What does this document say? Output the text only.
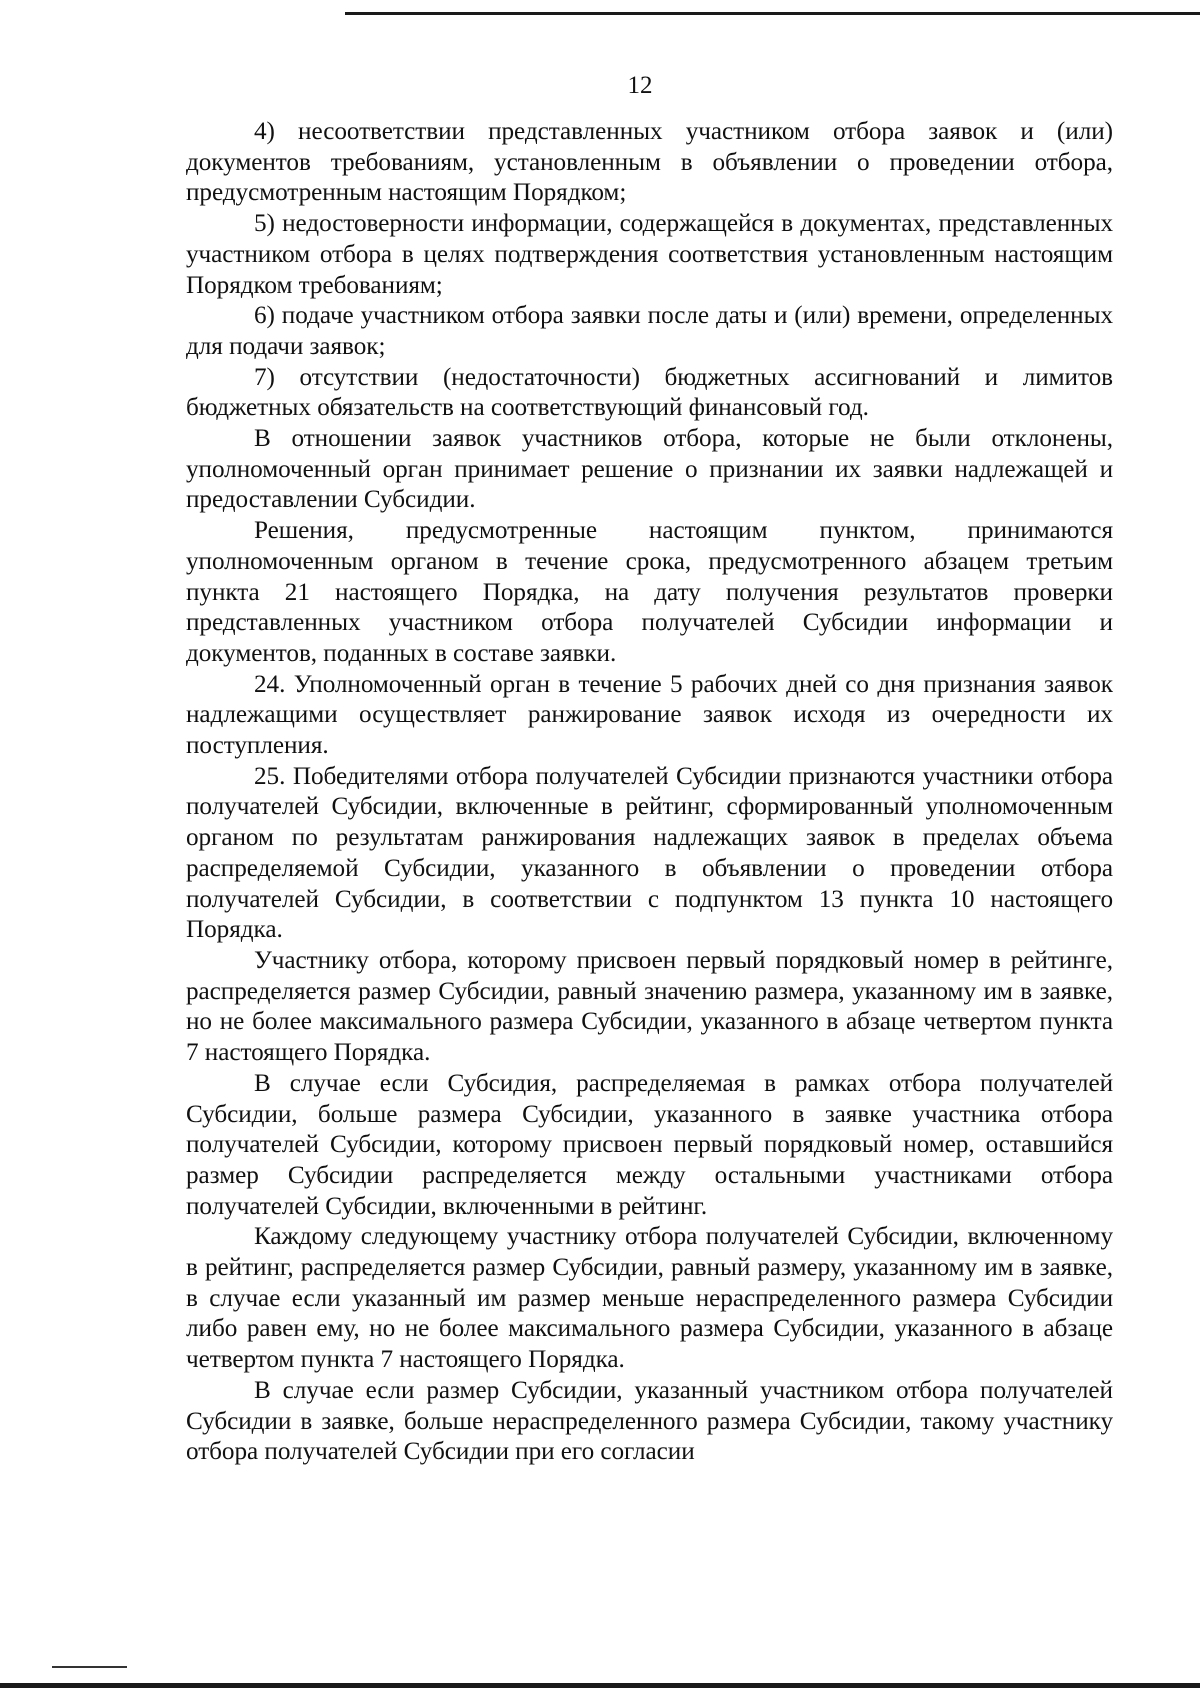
12

4) несоответствии представленных участником отбора заявок и (или) документов требованиям, установленным в объявлении о проведении отбора, предусмотренным настоящим Порядком;

5) недостоверности информации, содержащейся в документах, представленных участником отбора в целях подтверждения соответствия установленным настоящим Порядком требованиям;

6) подаче участником отбора заявки после даты и (или) времени, определенных для подачи заявок;

7) отсутствии (недостаточности) бюджетных ассигнований и лимитов бюджетных обязательств на соответствующий финансовый год.

В отношении заявок участников отбора, которые не были отклонены, уполномоченный орган принимает решение о признании их заявки надлежащей и предоставлении Субсидии.

Решения, предусмотренные настоящим пунктом, принимаются уполномоченным органом в течение срока, предусмотренного абзацем третьим пункта 21 настоящего Порядка, на дату получения результатов проверки представленных участником отбора получателей Субсидии информации и документов, поданных в составе заявки.

24. Уполномоченный орган в течение 5 рабочих дней со дня признания заявок надлежащими осуществляет ранжирование заявок исходя из очередности их поступления.

25. Победителями отбора получателей Субсидии признаются участники отбора получателей Субсидии, включенные в рейтинг, сформированный уполномоченным органом по результатам ранжирования надлежащих заявок в пределах объема распределяемой Субсидии, указанного в объявлении о проведении отбора получателей Субсидии, в соответствии с подпунктом 13 пункта 10 настоящего Порядка.

Участнику отбора, которому присвоен первый порядковый номер в рейтинге, распределяется размер Субсидии, равный значению размера, указанному им в заявке, но не более максимального размера Субсидии, указанного в абзаце четвертом пункта 7 настоящего Порядка.

В случае если Субсидия, распределяемая в рамках отбора получателей Субсидии, больше размера Субсидии, указанного в заявке участника отбора получателей Субсидии, которому присвоен первый порядковый номер, оставшийся размер Субсидии распределяется между остальными участниками отбора получателей Субсидии, включенными в рейтинг.

Каждому следующему участнику отбора получателей Субсидии, включенному в рейтинг, распределяется размер Субсидии, равный размеру, указанному им в заявке, в случае если указанный им размер меньше нераспределенного размера Субсидии либо равен ему, но не более максимального размера Субсидии, указанного в абзаце четвертом пункта 7 настоящего Порядка.

В случае если размер Субсидии, указанный участником отбора получателей Субсидии в заявке, больше нераспределенного размера Субсидии, такому участнику отбора получателей Субсидии при его согласии
